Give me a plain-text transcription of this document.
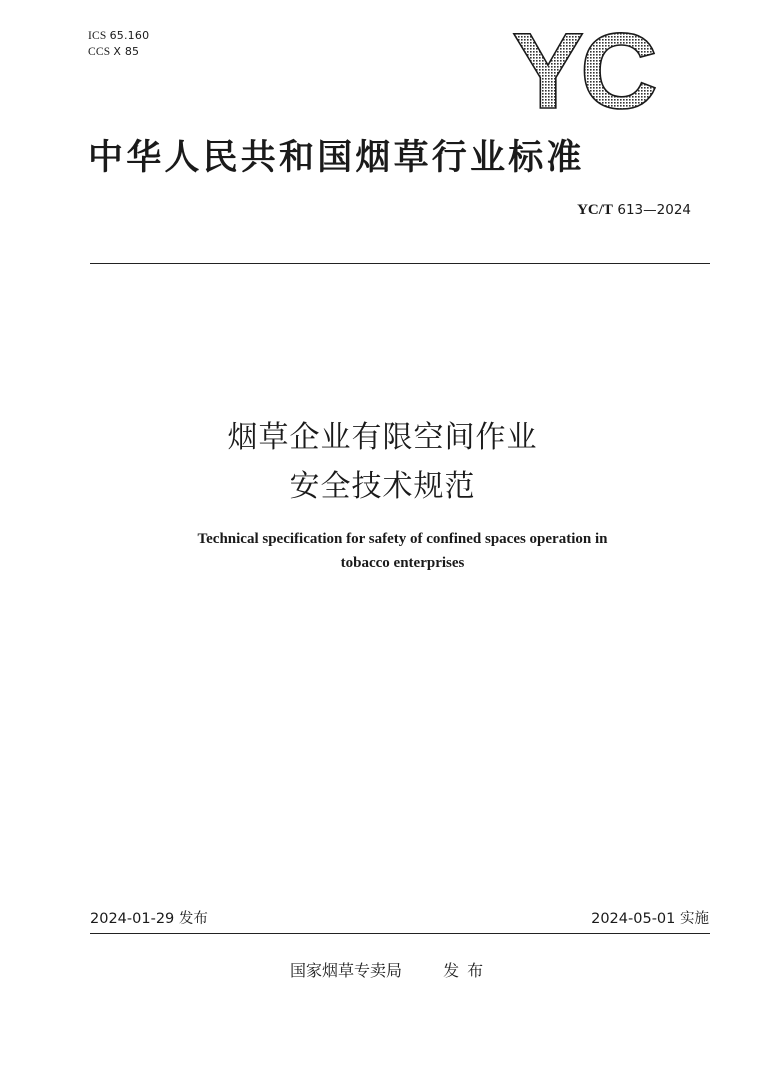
ICS 65.160
CCS X 85	YC
中华人民共和国烟草行业标准
YC/T 613—2024
烟草企业有限空间作业
安全技术规范
Technical specification for safety of confined spaces operation in
tobacco enterprises
2024-01-29 发布	2024-05-01 实施
国家烟草专卖局	发布
